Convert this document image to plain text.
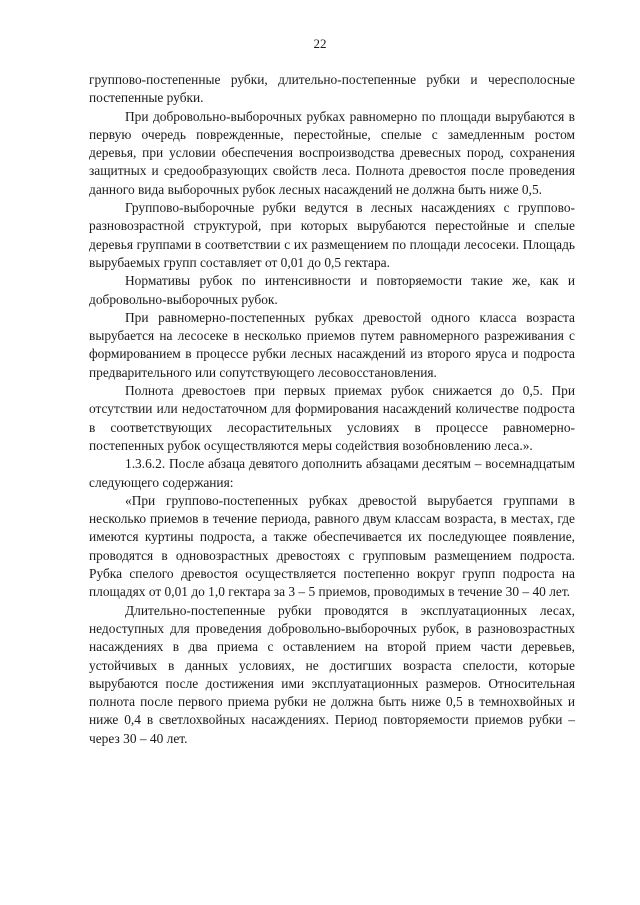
22

группово-постепенные рубки, длительно-постепенные рубки и чересполосные постепенные рубки.

При добровольно-выборочных рубках равномерно по площади вырубаются в первую очередь поврежденные, перестойные, спелые с замедленным ростом деревья, при условии обеспечения воспроизводства древесных пород, сохранения защитных и средообразующих свойств леса. Полнота древостоя после проведения данного вида выборочных рубок лесных насаждений не должна быть ниже 0,5.

Группово-выборочные рубки ведутся в лесных насаждениях с группово-разновозрастной структурой, при которых вырубаются перестойные и спелые деревья группами в соответствии с их размещением по площади лесосеки. Площадь вырубаемых групп составляет от 0,01 до 0,5 гектара.

Нормативы рубок по интенсивности и повторяемости такие же, как и добровольно-выборочных рубок.

При равномерно-постепенных рубках древостой одного класса возраста вырубается на лесосеке в несколько приемов путем равномерного разреживания с формированием в процессе рубки лесных насаждений из второго яруса и подроста предварительного или сопутствующего лесовосстановления.

Полнота древостоев при первых приемах рубок снижается до 0,5. При отсутствии или недостаточном для формирования насаждений количестве подроста в соответствующих лесорастительных условиях в процессе равномерно-постепенных рубок осуществляются меры содействия возобновлению леса.».

1.3.6.2. После абзаца девятого дополнить абзацами десятым – восемнадцатым следующего содержания:

«При группово-постепенных рубках древостой вырубается группами в несколько приемов в течение периода, равного двум классам возраста, в местах, где имеются куртины подроста, а также обеспечивается их последующее появление, проводятся в одновозрастных древостоях с групповым размещением подроста. Рубка спелого древостоя осуществляется постепенно вокруг групп подроста на площадях от 0,01 до 1,0 гектара за 3 – 5 приемов, проводимых в течение 30 – 40 лет.

Длительно-постепенные рубки проводятся в эксплуатационных лесах, недоступных для проведения добровольно-выборочных рубок, в разновозрастных насаждениях в два приема с оставлением на второй прием части деревьев, устойчивых в данных условиях, не достигших возраста спелости, которые вырубаются после достижения ими эксплуатационных размеров. Относительная полнота после первого приема рубки не должна быть ниже 0,5 в темнохвойных и ниже 0,4 в светлохвойных насаждениях. Период повторяемости приемов рубки – через 30 – 40 лет.
